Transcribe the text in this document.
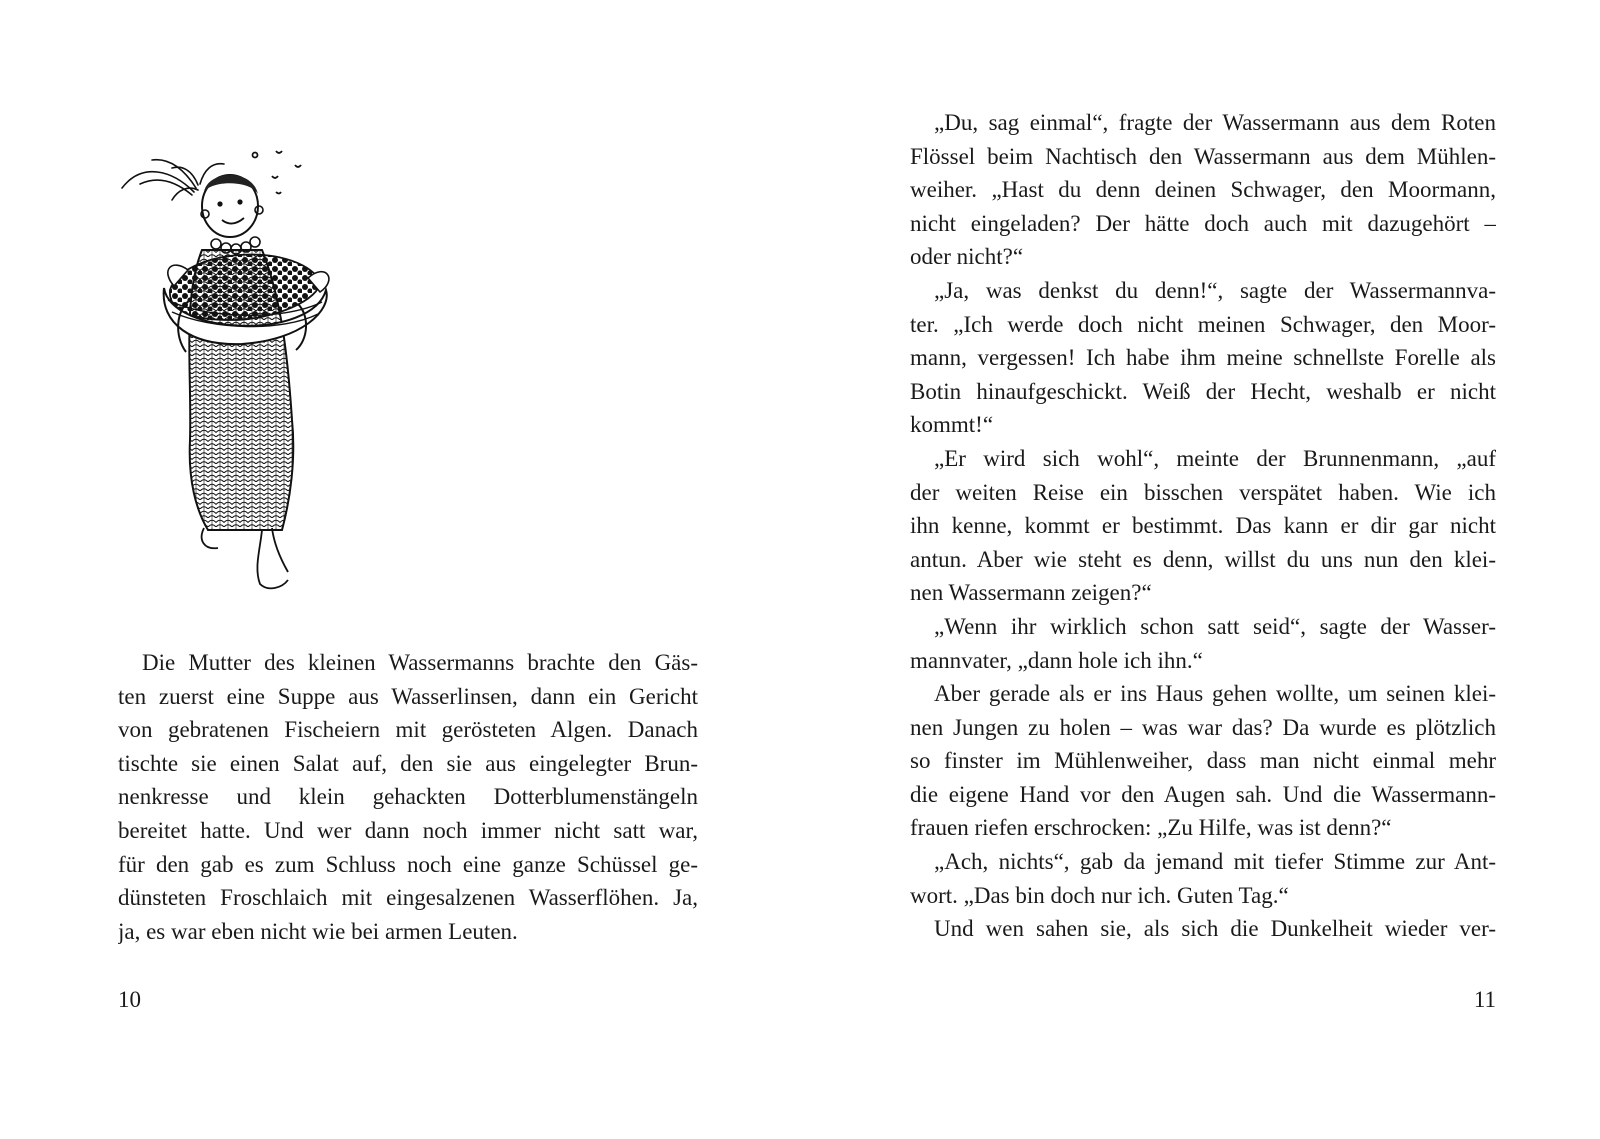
Die Mutter des kleinen Wassermanns brachte den Gäs-
ten zuerst eine Suppe aus Wasserlinsen, dann ein Gericht
von gebratenen Fischeiern mit gerösteten Algen. Danach
tischte sie einen Salat auf, den sie aus eingelegter Brun-
nenkresse und klein gehackten Dotterblumenstängeln
bereitet hatte. Und wer dann noch immer nicht satt war,
für den gab es zum Schluss noch eine ganze Schüssel ge-
dünsteten Froschlaich mit eingesalzenen Wasserflöhen. Ja,
ja, es war eben nicht wie bei armen Leuten.
10
„Du, sag einmal“, fragte der Wassermann aus dem Roten
Flössel beim Nachtisch den Wassermann aus dem Mühlen-
weiher. „Hast du denn deinen Schwager, den Moormann,
nicht eingeladen? Der hätte doch auch mit dazugehört –
oder nicht?“
„Ja, was denkst du denn!“, sagte der Wassermannva-
ter. „Ich werde doch nicht meinen Schwager, den Moor-
mann, vergessen! Ich habe ihm meine schnellste Forelle als
Botin hinaufgeschickt. Weiß der Hecht, weshalb er nicht
kommt!“
„Er wird sich wohl“, meinte der Brunnenmann, „auf
der weiten Reise ein bisschen verspätet haben. Wie ich
ihn kenne, kommt er bestimmt. Das kann er dir gar nicht
antun. Aber wie steht es denn, willst du uns nun den klei-
nen Wassermann zeigen?“
„Wenn ihr wirklich schon satt seid“, sagte der Wasser-
mannvater, „dann hole ich ihn.“
Aber gerade als er ins Haus gehen wollte, um seinen klei-
nen Jungen zu holen – was war das? Da wurde es plötzlich
so finster im Mühlenweiher, dass man nicht einmal mehr
die eigene Hand vor den Augen sah. Und die Wassermann-
frauen riefen erschrocken: „Zu Hilfe, was ist denn?“
„Ach, nichts“, gab da jemand mit tiefer Stimme zur Ant-
wort. „Das bin doch nur ich. Guten Tag.“
Und wen sahen sie, als sich die Dunkelheit wieder ver-
11
